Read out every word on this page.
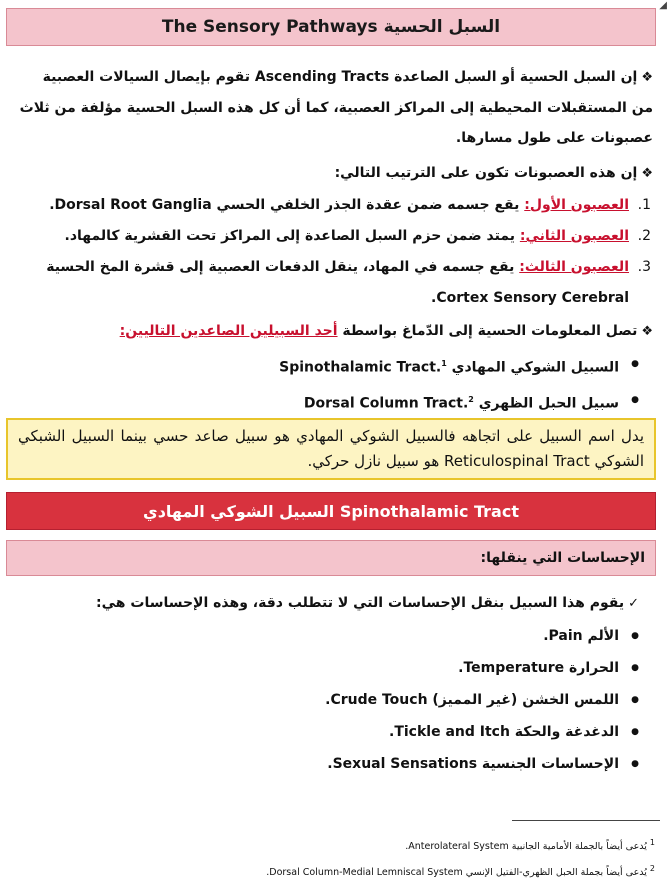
◢
The Sensory Pathways السبل الحسية
❖إن السبل الحسية أو السبل الصاعدة Ascending Tracts تقوم بإيصال السيالات العصبية من المستقبلات المحيطية إلى المراكز العصبية، كما أن كل هذه السبل الحسية مؤلفة من ثلاث عصبونات على طول مسارها.
❖إن هذه العصبونات تكون على الترتيب التالي:
1.
العصبون الأول: يقع جسمه ضمن عقدة الجذر الخلفي الحسي Dorsal Root Ganglia.
2.
العصبون الثاني: يمتد ضمن حزم السبل الصاعدة إلى المراكز تحت القشرية كالمهاد.
3.
العصبون الثالث: يقع جسمه في المهاد، ينقل الدفعات العصبية إلى قشرة المخ الحسية Cortex Sensory Cerebral.
❖تصل المعلومات الحسية إلى الدّماغ بواسطة أحد السبيلين الصاعدين التاليين:
● السبيل الشوكي المهادي Spinothalamic Tract.$^1$
● سبيل الحبل الظهري Dorsal Column Tract.$^2$
يدل اسم السبيل على اتجاهه فالسبيل الشوكي المهادي هو سبيل صاعد حسي بينما السبيل الشبكي الشوكي Reticulospinal Tract هو سبيل نازل حركي.
السبيل الشوكي المهادي Spinothalamic Tract
الإحساسات التي ينقلها:
✓يقوم هذا السبيل بنقل الإحساسات التي لا تتطلب دقة، وهذه الإحساسات هي:
● الألم Pain.
● الحرارة Temperature.
● اللمس الخشن (غير المميز) Crude Touch.
● الدغدغة والحكة Tickle and Itch.
● الإحساسات الجنسية Sexual Sensations.
$^1$ يُدعى أيضاً بالجملة الأمامية الجانبية Anterolateral System.
$^2$ يُدعى أيضاً بجملة الحبل الظهري-الفتيل الإنسي Dorsal Column-Medial Lemniscal System.
